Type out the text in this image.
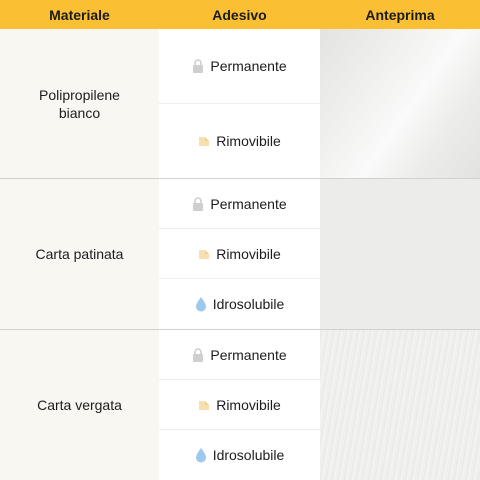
Materiale	Adesivo	Anteprima
Polipropilene bianco
Permanente
Rimovibile
Carta patinata
Permanente
Rimovibile
Idrosolubile
Carta vergata
Permanente
Rimovibile
Idrosolubile
